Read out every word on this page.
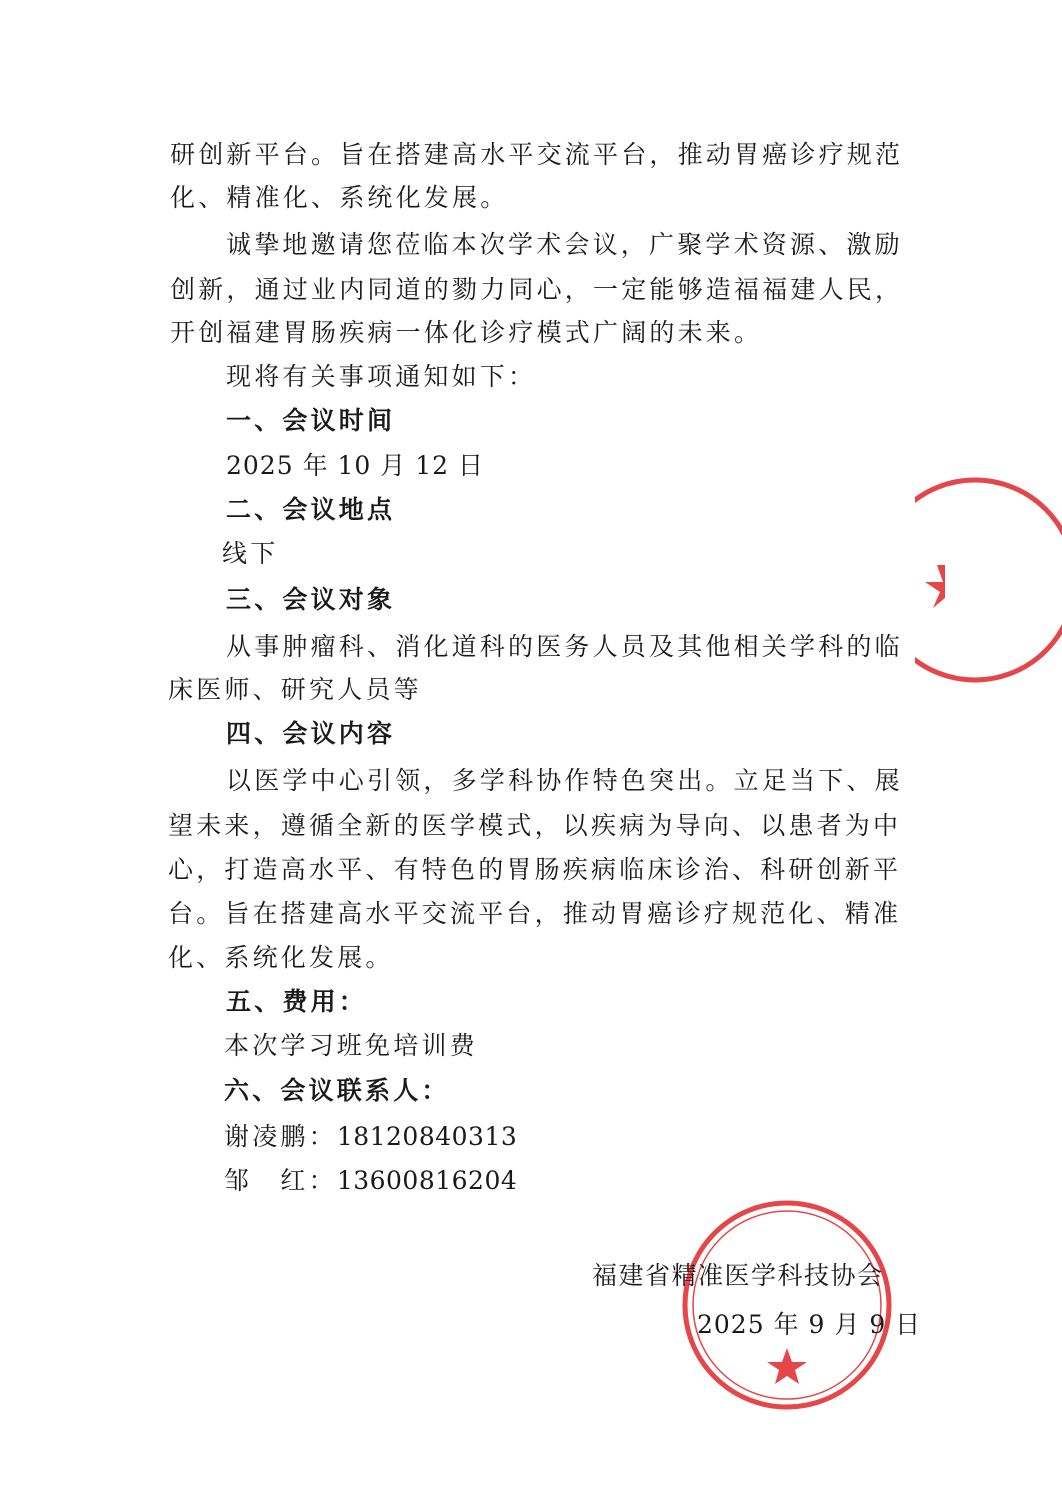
研创新平台。旨在搭建高水平交流平台，推动胃癌诊疗规范
化、精准化、系统化发展。
诚挚地邀请您莅临本次学术会议，广聚学术资源、激励
创新，通过业内同道的勠力同心，一定能够造福福建人民，
开创福建胃肠疾病一体化诊疗模式广阔的未来。
现将有关事项通知如下：
一、会议时间
2025 年 10 月 12 日
二、会议地点
线下
三、会议对象
从事肿瘤科、消化道科的医务人员及其他相关学科的临
床医师、研究人员等
四、会议内容
以医学中心引领，多学科协作特色突出。立足当下、展
望未来，遵循全新的医学模式，以疾病为导向、以患者为中
心，打造高水平、有特色的胃肠疾病临床诊治、科研创新平
台。旨在搭建高水平交流平台，推动胃癌诊疗规范化、精准
化、系统化发展。
五、费用：
本次学习班免培训费
六、会议联系人：
谢凌鹏：18120840313
邹　红：13600816204
福建省精准医学科技协会
2025 年 9 月 9 日
